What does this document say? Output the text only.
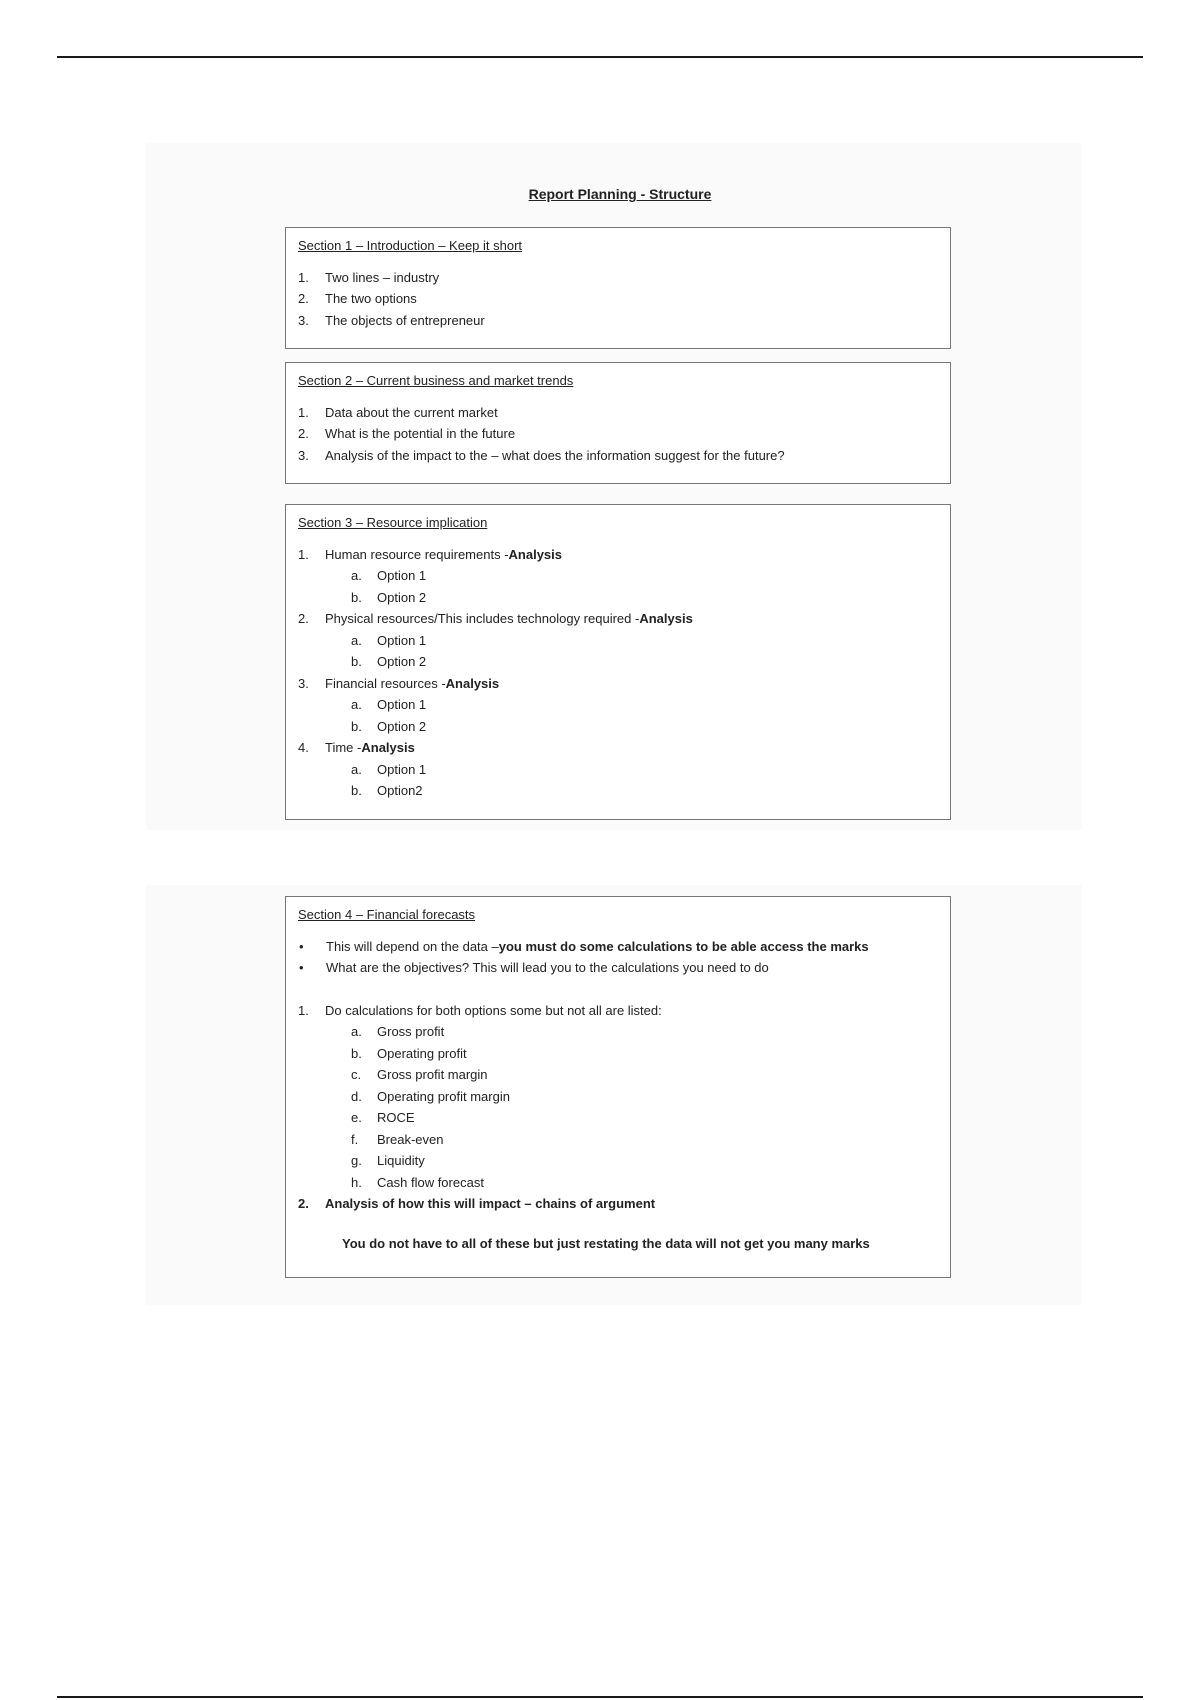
Report Planning - Structure
Section 1 – Introduction – Keep it short
1.	Two lines – industry
2.	The two options
3.	The objects of entrepreneur
Section 2 – Current business and market trends
1.	Data about the current market
2.	What is the potential in the future
3.	Analysis of the impact to the – what does the information suggest for the future?
Section 3 – Resource implication
1.	Human resource requirements - Analysis
a.	Option 1
b.	Option 2
2.	Physical resources/This includes technology required - Analysis
a.	Option 1
b.	Option 2
3.	Financial resources - Analysis
a.	Option 1
b.	Option 2
4.	Time - Analysis
a.	Option 1
b.	Option2
Section 4 – Financial forecasts
•	This will depend on the data – you must do some calculations to be able access the marks
•	What are the objectives? This will lead you to the calculations you need to do
1.	Do calculations for both options some but not all are listed:
a.	Gross profit
b.	Operating profit
c.	Gross profit margin
d.	Operating profit margin
e.	ROCE
f.	Break-even
g.	Liquidity
h.	Cash flow forecast
2.	Analysis of how this will impact – chains of argument
You do not have to all of these but just restating the data will not get you many marks
